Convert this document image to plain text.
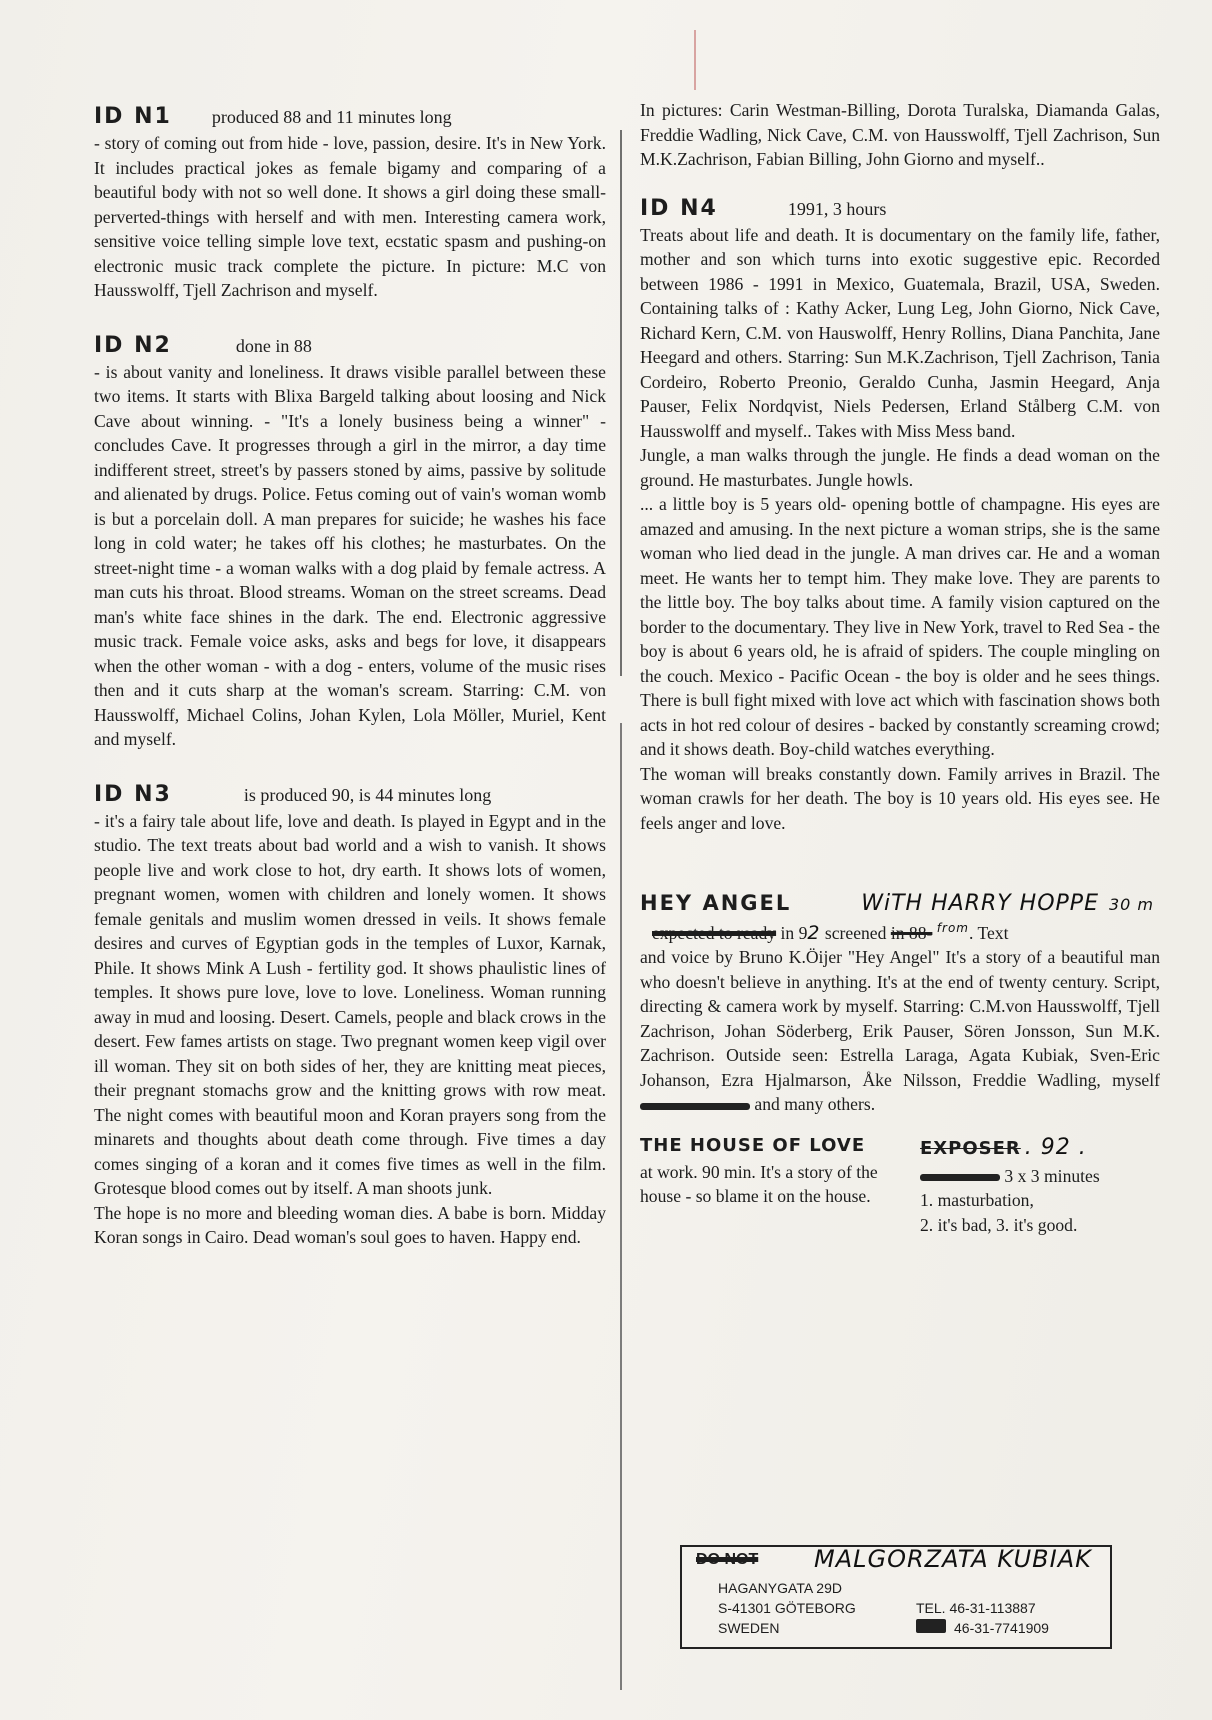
ID N1 produced 88 and 11 minutes long

- story of coming out from hide - love, passion, desire. It's in New York. It includes practical jokes as female bigamy and comparing of a beautiful body with not so well done. It shows a girl doing these small-perverted-things with herself and with men. Interesting camera work, sensitive voice telling simple love text, ecstatic spasm and pushing-on electronic music track complete the picture. In picture: M.C von Hausswolff, Tjell Zachrison and myself.

ID N2	done in 88

- is about vanity and loneliness. It draws visible parallel between these two items. It starts with Blixa Bargeld talking about loosing and Nick Cave about winning. - "It's a lonely business being a winner" - concludes Cave. It progresses through a girl in the mirror, a day time indifferent street, street's by passers stoned by aims, passive by solitude and alienated by drugs. Police. Fetus coming out of vain's woman womb is but a porcelain doll. A man prepares for suicide; he washes his face long in cold water; he takes off his clothes; he masturbates. On the street-night time - a woman walks with a dog plaid by female actress. A man cuts his throat. Blood streams. Woman on the street screams. Dead man's white face shines in the dark. The end. Electronic aggressive music track. Female voice asks, asks and begs for love, it disappears when the other woman - with a dog - enters, volume of the music rises then and it cuts sharp at the woman's scream. Starring: C.M. von Hausswolff, Michael Colins, Johan Kylen, Lola Möller, Muriel, Kent and myself.

ID N3	is produced 90, is 44 minutes long

- it's a fairy tale about life, love and death. Is played in Egypt and in the studio. The text treats about bad world and a wish to vanish. It shows people live and work close to hot, dry earth. It shows lots of women, pregnant women, women with children and lonely women. It shows female genitals and muslim women dressed in veils. It shows female desires and curves of Egyptian gods in the temples of Luxor, Karnak, Phile. It shows Mink A Lush - fertility god. It shows phaulistic lines of temples. It shows pure love, love to love. Loneliness. Woman running away in mud and loosing. Desert. Camels, people and black crows in the desert. Few fames artists on stage. Two pregnant women keep vigil over ill woman. They sit on both sides of her, they are knitting meat pieces, their pregnant stomachs grow and the knitting grows with row meat. The night comes with beautiful moon and Koran prayers song from the minarets and thoughts about death come through. Five times a day comes singing of a koran and it comes five times as well in the film. Grotesque blood comes out by itself. A man shoots junk.

The hope is no more and bleeding woman dies. A babe is born. Midday Koran songs in Cairo. Dead woman's soul goes to haven. Happy end.

In pictures: Carin Westman-Billing, Dorota Turalska, Diamanda Galas, Freddie Wadling, Nick Cave, C.M. von Hausswolff, Tjell Zachrison, Sun M.K.Zachrison, Fabian Billing, John Giorno and myself..

ID N4	1991, 3 hours

Treats about life and death. It is documentary on the family life, father, mother and son which turns into exotic suggestive epic. Recorded between 1986 - 1991 in Mexico, Guatemala, Brazil, USA, Sweden. Containing talks of : Kathy Acker, Lung Leg, John Giorno, Nick Cave, Richard Kern, C.M. von Hauswolff, Henry Rollins, Diana Panchita, Jane Heegard and others. Starring: Sun M.K.Zachrison, Tjell Zachrison, Tania Cordeiro, Roberto Preonio, Geraldo Cunha, Jasmin Heegard, Anja Pauser, Felix Nordqvist, Niels Pedersen, Erland Stålberg C.M. von Hausswolff and myself.. Takes with Miss Mess band.

Jungle, a man walks through the jungle. He finds a dead woman on the ground. He masturbates. Jungle howls.

... a little boy is 5 years old- opening bottle of champagne. His eyes are amazed and amusing. In the next picture a woman strips, she is the same woman who lied dead in the jungle. A man drives car. He and a woman meet. He wants her to tempt him. They make love. They are parents to the little boy. The boy talks about time. A family vision captured on the border to the documentary. They live in New York, travel to Red Sea - the boy is about 6 years old, he is afraid of spiders. The couple mingling on the couch. Mexico - Pacific Ocean - the boy is older and he sees things. There is bull fight mixed with love act which with fascination shows both acts in hot red colour of desires - backed by constantly screaming crowd; and it shows death. Boy-child watches everything.

The woman will breaks constantly down. Family arrives in Brazil. The woman crawls for her death. The boy is 10 years old. His eyes see. He feels anger and love.

HEY ANGEL	WiTH HARRY HOPPE 30 m
expected to ready in 92 screened in 88- $^{from}$. Text

and voice by Bruno K.Öijer "Hey Angel" It's a story of a beautiful man who doesn't believe in anything. It's at the end of twenty century. Script, directing & camera work by myself. Starring: C.M.von Hausswolff, Tjell Zachrison, Johan Söderberg, Erik Pauser, Sören Jonsson, Sun M.K. Zachrison. Outside seen: Estrella Laraga, Agata Kubiak, Sven-Eric Johanson, Ezra Hjalmarson, Åke Nilsson, Freddie Wadling, myself  and many others.

THE HOUSE OF LOVE

at work. 90 min. It's a story of the house - so blame it on the house.

EXPOSER . 92 .
3 x 3 minutes
1. masturbation,
2. it's bad, 3. it's good.
DO NOT MALGORZATA KUBIAK
HAGANYGATA 29D
S-41301 GÖTEBORG
SWEDEN
TEL. 46-31-113887
46-31-7741909
